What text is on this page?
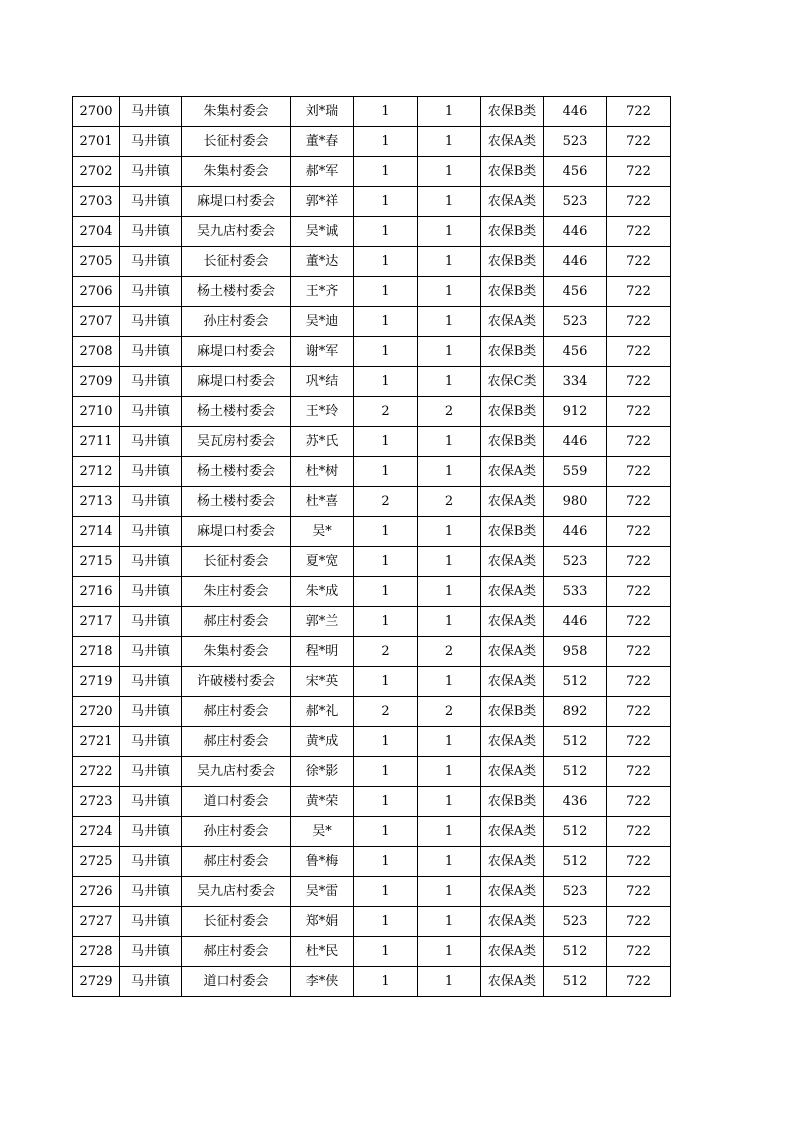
2700	马井镇	朱集村委会	刘*瑞	1	1	农保B类	446	722
2701	马井镇	长征村委会	董*春	1	1	农保A类	523	722
2702	马井镇	朱集村委会	郝*军	1	1	农保B类	456	722
2703	马井镇	麻堤口村委会	郭*祥	1	1	农保A类	523	722
2704	马井镇	吴九店村委会	吴*诚	1	1	农保B类	446	722
2705	马井镇	长征村委会	董*达	1	1	农保B类	446	722
2706	马井镇	杨土楼村委会	王*齐	1	1	农保B类	456	722
2707	马井镇	孙庄村委会	吴*迪	1	1	农保A类	523	722
2708	马井镇	麻堤口村委会	谢*军	1	1	农保B类	456	722
2709	马井镇	麻堤口村委会	巩*结	1	1	农保C类	334	722
2710	马井镇	杨土楼村委会	王*玲	2	2	农保B类	912	722
2711	马井镇	吴瓦房村委会	苏*氏	1	1	农保B类	446	722
2712	马井镇	杨土楼村委会	杜*树	1	1	农保A类	559	722
2713	马井镇	杨土楼村委会	杜*喜	2	2	农保A类	980	722
2714	马井镇	麻堤口村委会	吴*	1	1	农保B类	446	722
2715	马井镇	长征村委会	夏*宽	1	1	农保A类	523	722
2716	马井镇	朱庄村委会	朱*成	1	1	农保A类	533	722
2717	马井镇	郝庄村委会	郭*兰	1	1	农保A类	446	722
2718	马井镇	朱集村委会	程*明	2	2	农保A类	958	722
2719	马井镇	许破楼村委会	宋*英	1	1	农保A类	512	722
2720	马井镇	郝庄村委会	郝*礼	2	2	农保B类	892	722
2721	马井镇	郝庄村委会	黄*成	1	1	农保A类	512	722
2722	马井镇	吴九店村委会	徐*影	1	1	农保A类	512	722
2723	马井镇	道口村委会	黄*荣	1	1	农保B类	436	722
2724	马井镇	孙庄村委会	吴*	1	1	农保A类	512	722
2725	马井镇	郝庄村委会	鲁*梅	1	1	农保A类	512	722
2726	马井镇	吴九店村委会	吴*雷	1	1	农保A类	523	722
2727	马井镇	长征村委会	郑*娟	1	1	农保A类	523	722
2728	马井镇	郝庄村委会	杜*民	1	1	农保A类	512	722
2729	马井镇	道口村委会	李*侠	1	1	农保A类	512	722
